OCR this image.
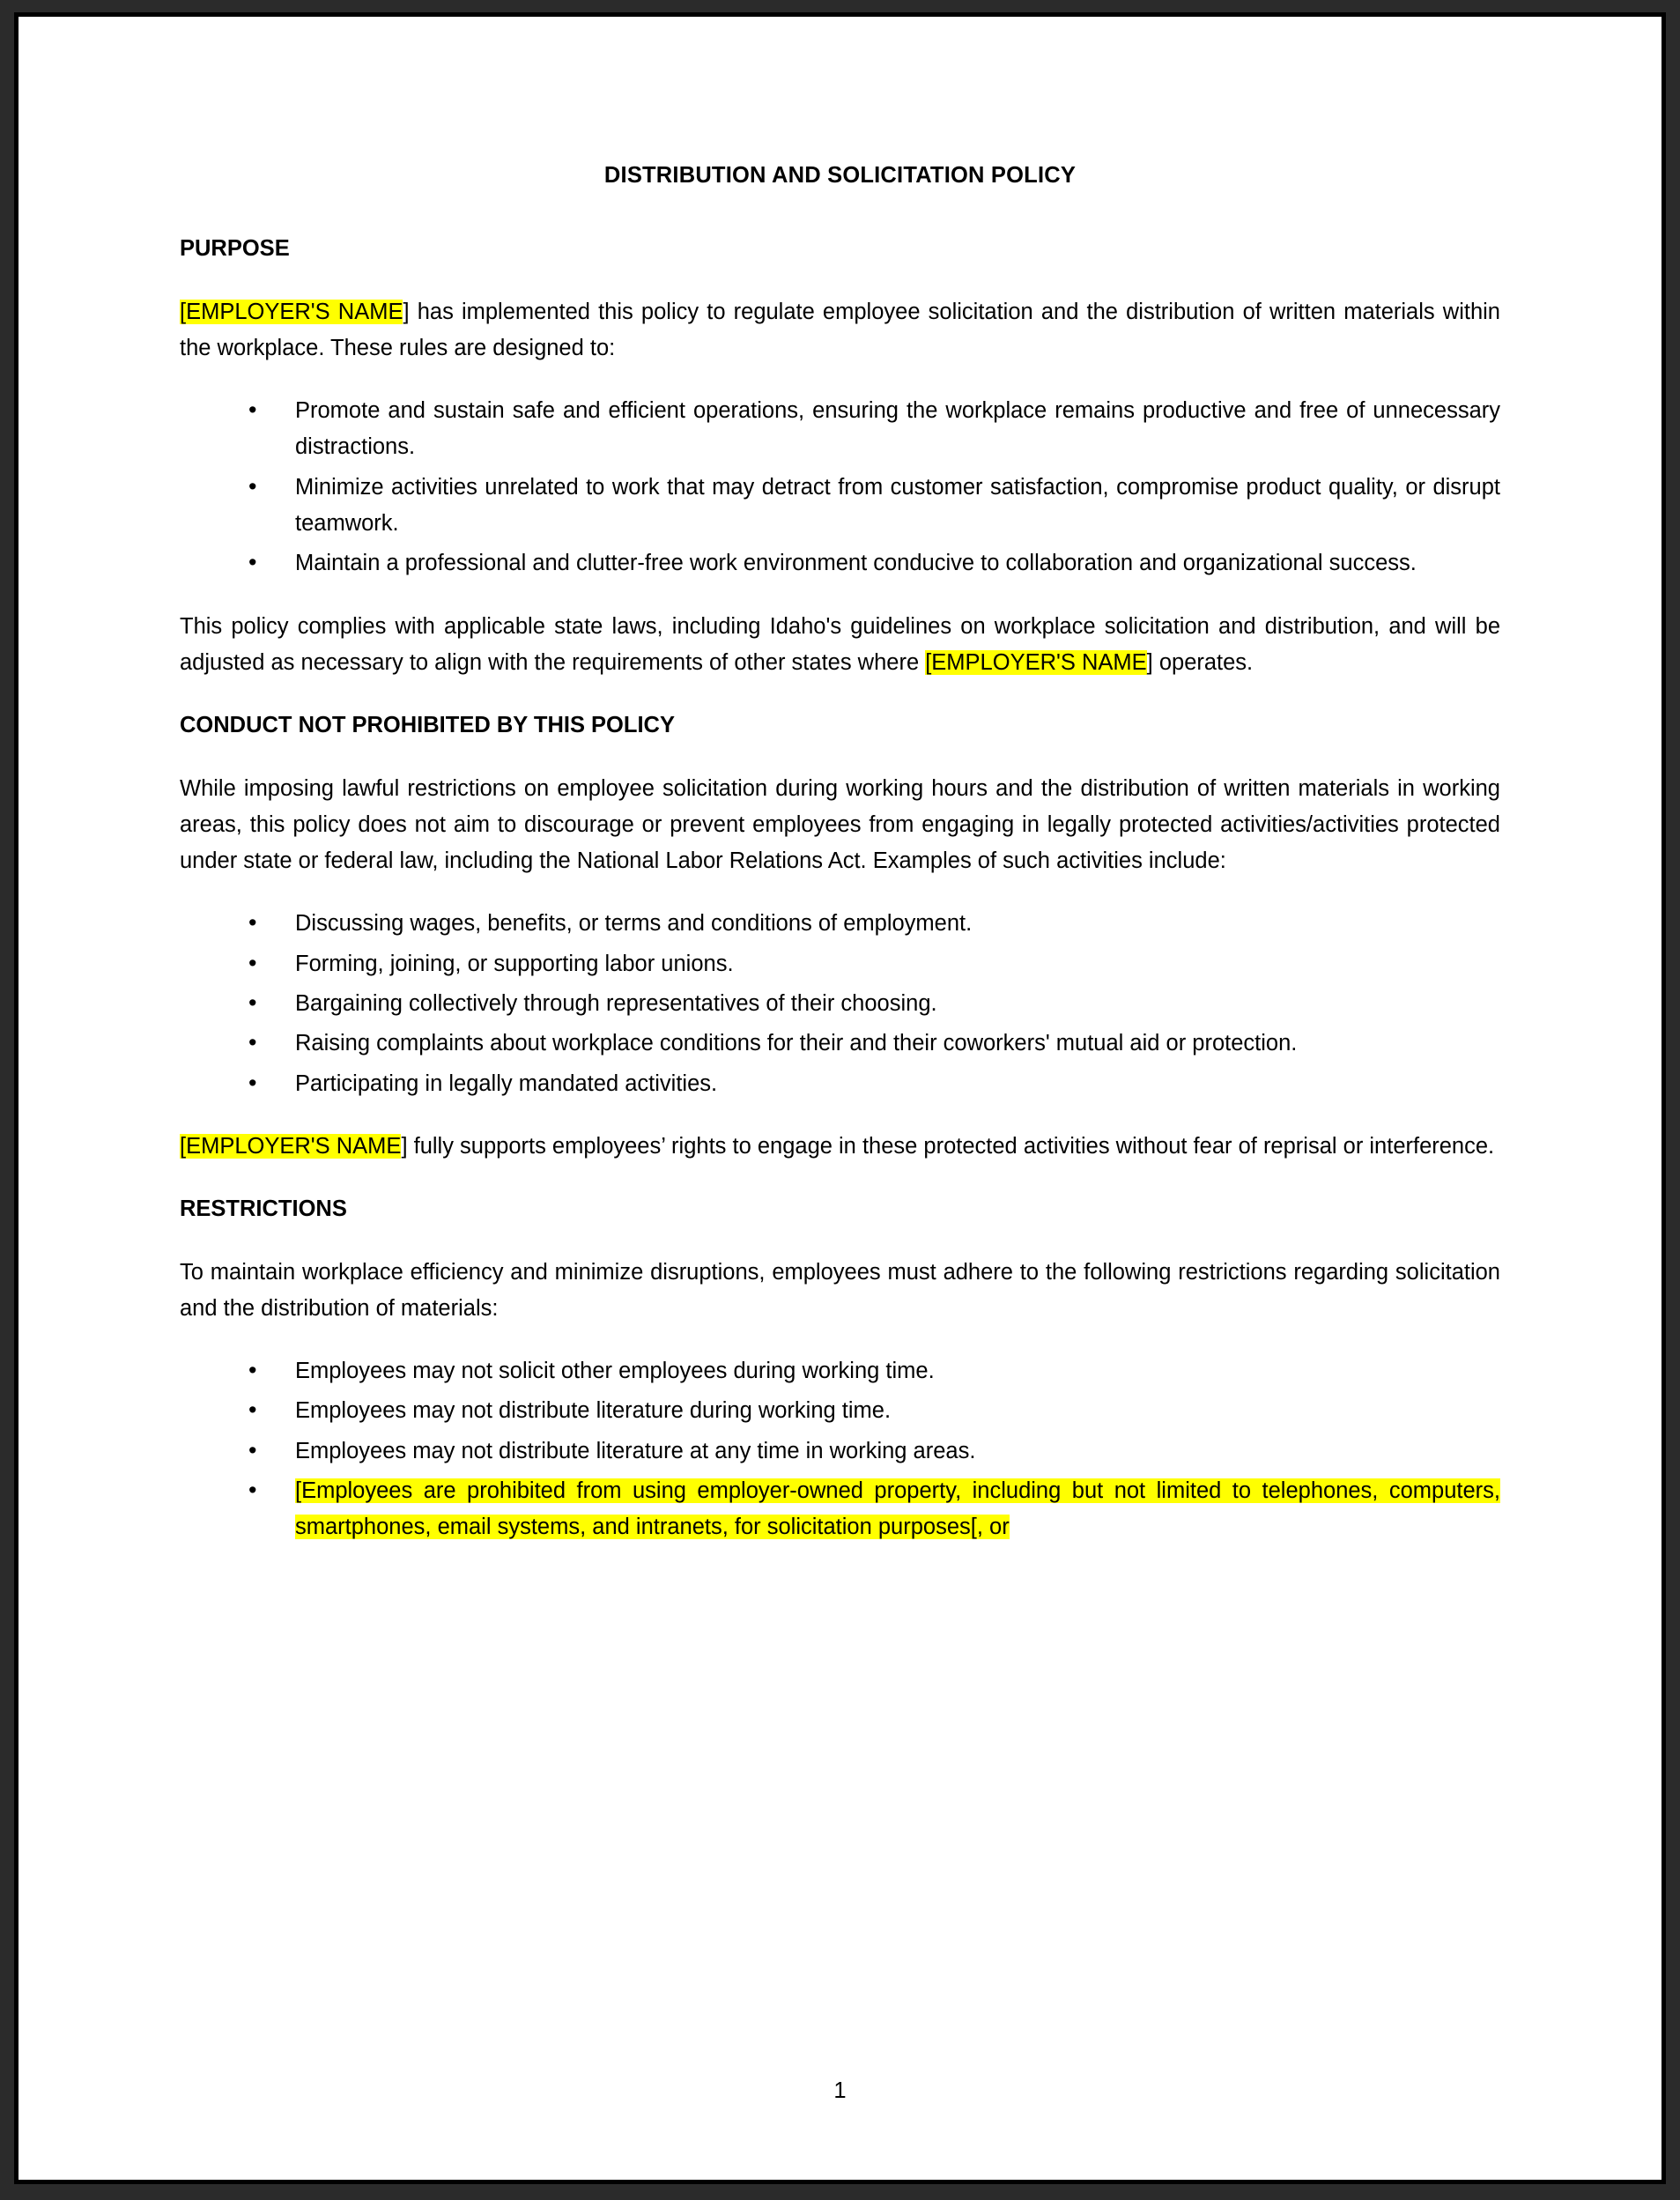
DISTRIBUTION AND SOLICITATION POLICY
PURPOSE

[EMPLOYER'S NAME] has implemented this policy to regulate employee solicitation and the distribution of written materials within the workplace. These rules are designed to:

• Promote and sustain safe and efficient operations, ensuring the workplace remains productive and free of unnecessary distractions.
• Minimize activities unrelated to work that may detract from customer satisfaction, compromise product quality, or disrupt teamwork.
• Maintain a professional and clutter-free work environment conducive to collaboration and organizational success.

This policy complies with applicable state laws, including Idaho's guidelines on workplace solicitation and distribution, and will be adjusted as necessary to align with the requirements of other states where [EMPLOYER'S NAME] operates.

CONDUCT NOT PROHIBITED BY THIS POLICY

While imposing lawful restrictions on employee solicitation during working hours and the distribution of written materials in working areas, this policy does not aim to discourage or prevent employees from engaging in legally protected activities/activities protected under state or federal law, including the National Labor Relations Act. Examples of such activities include:

• Discussing wages, benefits, or terms and conditions of employment.
• Forming, joining, or supporting labor unions.
• Bargaining collectively through representatives of their choosing.
• Raising complaints about workplace conditions for their and their coworkers' mutual aid or protection.
• Participating in legally mandated activities.

[EMPLOYER'S NAME] fully supports employees’ rights to engage in these protected activities without fear of reprisal or interference.

RESTRICTIONS

To maintain workplace efficiency and minimize disruptions, employees must adhere to the following restrictions regarding solicitation and the distribution of materials:

• Employees may not solicit other employees during working time.
• Employees may not distribute literature during working time.
• Employees may not distribute literature at any time in working areas.
• [Employees are prohibited from using employer-owned property, including but not limited to telephones, computers, smartphones, email systems, and intranets, for solicitation purposes[, or
1
